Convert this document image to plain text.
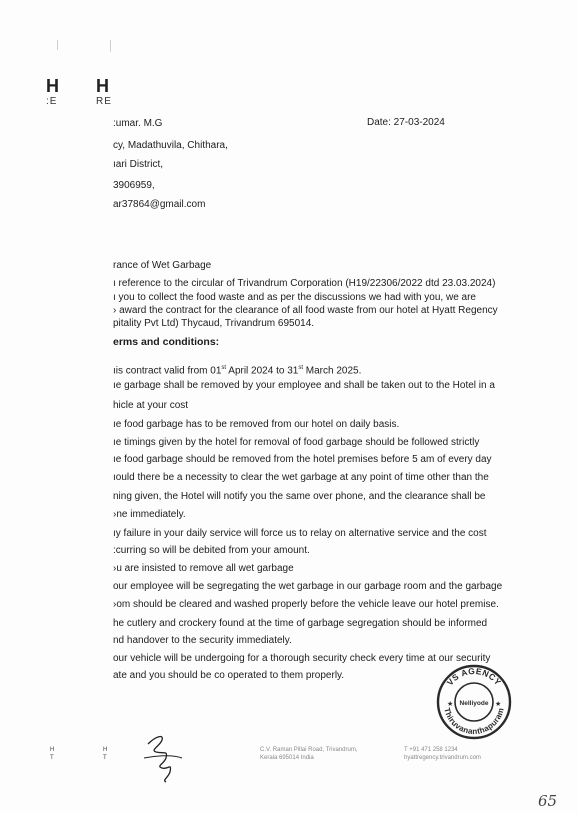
H
:E
H
RE
Date: 27-03-2024
:umar. M.G
cy, Madathuvila, Chithara,
ıari District,
3906959,
ar37864@gmail.com
rance of Wet Garbage
ı reference to the circular of Trivandrum Corporation (H19/22306/2022 dtd 23.03.2024)
ı you to collect the food waste and as per the discussions we had with you, we are
› award the contract for the clearance of all food waste from our hotel at Hyatt Regency
pitality Pvt Ltd) Thycaud, Trivandrum 695014.
erms and conditions:
ıis contract valid from 01st April 2024 to 31st March 2025.
ıe garbage shall be removed by your employee and shall be taken out to the Hotel in a
hicle at your cost
ıe food garbage has to be removed from our hotel on daily basis.
ıe timings given by the hotel for removal of food garbage should be followed strictly
ıe food garbage should be removed from the hotel premises before 5 am of every day
ıould there be a necessity to clear the wet garbage at any point of time other than the
ning given, the Hotel will notify you the same over phone, and the clearance shall be
›ne immediately.
ıy failure in your daily service will force us to relay on alternative service and the cost
:curring so will be debited from your amount.
›u are insisted to remove all wet garbage
our employee will be segregating the wet garbage in our garbage room and the garbage
›om should be cleared and washed properly before the vehicle leave our hotel premise.
he cutlery and crockery found at the time of garbage segregation should be informed
nd handover to the security immediately.
our vehicle will be undergoing for a thorough security check every time at our security
ate and you should be co operated to them properly.
VS AGENCY
Thiruvananthapuram
Nelliyode
★	★
H
T
H
T
C.V. Raman Pillai Road, Trivandrum,
Kerala 695014 India
T +91 471 258 1234
hyattregency.trivandrum.com
65
